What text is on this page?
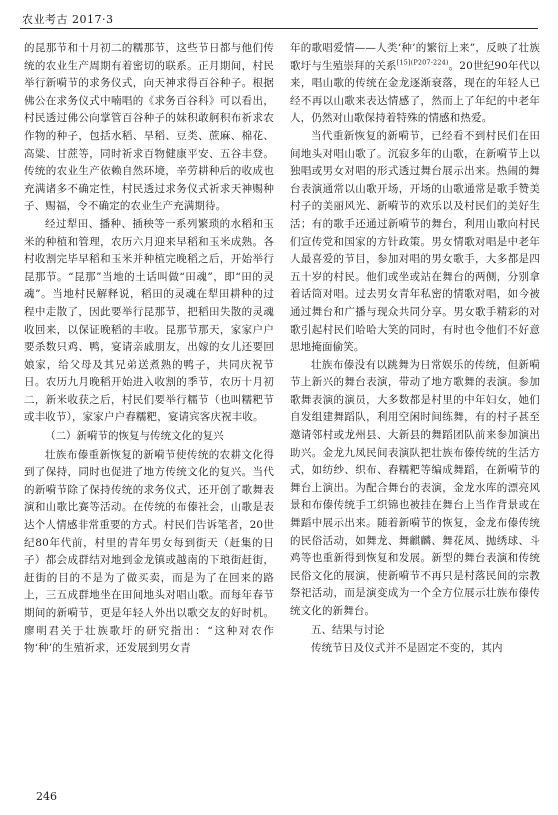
农业考古 2017·3

的昆那节和十月初二的糯那节，这些节日都与他们传统的农业生产周期有着密切的联系。正月期间，村民举行新嗬节的求务仪式，向天神求得百谷种子。根据佛公在求务仪式中喃唱的《求务百谷科》可以看出，村民透过佛公向掌管百谷种子的妹积敢舸积布祈求农作物的种子，包括水稻、旱稻、豆类、蔗麻、棉花、高粱、甘蔗等，同时祈求百物健康平安、五谷丰登。传统的农业生产依赖自然环境，辛劳耕种后的收成也充满诸多不确定性，村民透过求务仪式祈求天神赐种子、赐福，令不确定的农业生产充满期待。

经过犁田、播种、插秧等一系列繁琐的水稻和玉米的种植和管理，农历六月迎来早稻和玉米成熟。各村收割完毕早稻和玉米并种植完晚稻之后，开始举行昆那节。“昆那”当地的土话叫做“田魂”，即“田的灵魂”。当地村民解释说，稻田的灵魂在犁田耕种的过程中走散了，因此要举行昆那节，把稻田失散的灵魂收回来，以保证晚稻的丰收。昆那节那天，家家户户要杀数只鸡、鸭，宴请亲戚朋友，出嫁的女儿还要回娘家，给父母及其兄弟送煮熟的鸭子，共同庆祝节日。农历九月晚稻开始进入收割的季节，农历十月初二，新米收获之后，村民们要举行糯节（也叫糯粑节或丰收节），家家户户舂糯粑，宴请宾客庆祝丰收。

（二）新嗬节的恢复与传统文化的复兴

壮族布傣重新恢复的新嗬节使传统的农耕文化得到了保持，同时也促进了地方传统文化的复兴。当代的新嗬节除了保持传统的求务仪式，还开创了歌舞表演和山歌比赛等活动。在传统的布傣社会，山歌是表达个人情感非常重要的方式。村民们告诉笔者，20世纪80年代前，村里的青年男女每到街天（赶集的日子）都会成群结对地到金龙镇或越南的下琅街赶街，赶街的目的不是为了做买卖，而是为了在回来的路上，三五成群地坐在田间地头对唱山歌。而每年春节期间的新嗬节，更是年轻人外出以歌交友的好时机。廖明君关于壮族歌圩的研究指出：“这种对农作物‘种’的生殖祈求，还发展到男女青

年的歌唱爱情——人类‘种’的繁衍上来”，反映了壮族歌圩与生殖崇拜的关系$^{[15](P207-224)}$。20世纪90年代以来，唱山歌的传统在金龙逐渐衰落，现在的年轻人已经不再以山歌来表达情感了，然而上了年纪的中老年人，仍然对山歌保持着特殊的情感和热爱。

当代重新恢复的新嗬节，已经看不到村民们在田间地头对唱山歌了。沉寂多年的山歌，在新嗬节上以独唱或男女对唱的形式透过舞台展示出来。热闹的舞台表演通常以山歌开场，开场的山歌通常是歌手赞美村子的美丽风光、新嗬节的欢乐以及村民们的美好生活；有的歌手还通过新嗬节的舞台，利用山歌向村民们宣传党和国家的方针政策。男女情歌对唱是中老年人最喜爱的节目，参加对唱的男女歌手，大多都是四五十岁的村民。他们或坐或站在舞台的两侧，分别拿着话筒对唱。过去男女青年私密的情歌对唱，如今被通过舞台和广播与现众共同分享。男女歌手精彩的对歌引起村民们哈哈大笑的同时，有时也令他们不好意思地掩面偷笑。

壮族布傣没有以跳舞为日常娱乐的传统，但新嗬节上新兴的舞台表演，带动了地方歌舞的表演。参加歌舞表演的演员，大多数都是村里的中年妇女，她们自发组建舞蹈队，利用空闲时间练舞，有的村子甚至邀请邻村或龙州县、大新县的舞蹈团队前来参加演出助兴。金龙九凤民间表演队把壮族布傣传统的生活方式，如纺纱、织布、舂糯粑等编成舞蹈，在新嗬节的舞台上演出。为配合舞台的表演，金龙水库的漂亮风景和布傣传统手工织锦也被挂在舞台上当作背景或在舞蹈中展示出来。随着新嗬节的恢复，金龙布傣传统的民俗活动，如舞龙、舞麒麟、舞花凤、抛绣球、斗鸡等也重新得到恢复和发展。新型的舞台表演和传统民俗文化的展演，使新嗬节不再只是村落民间的宗教祭祀活动，而是演变成为一个全方位展示壮族布傣传统文化的新舞台。

五、结果与讨论

传统节日及仪式并不是固定不变的，其内

246
